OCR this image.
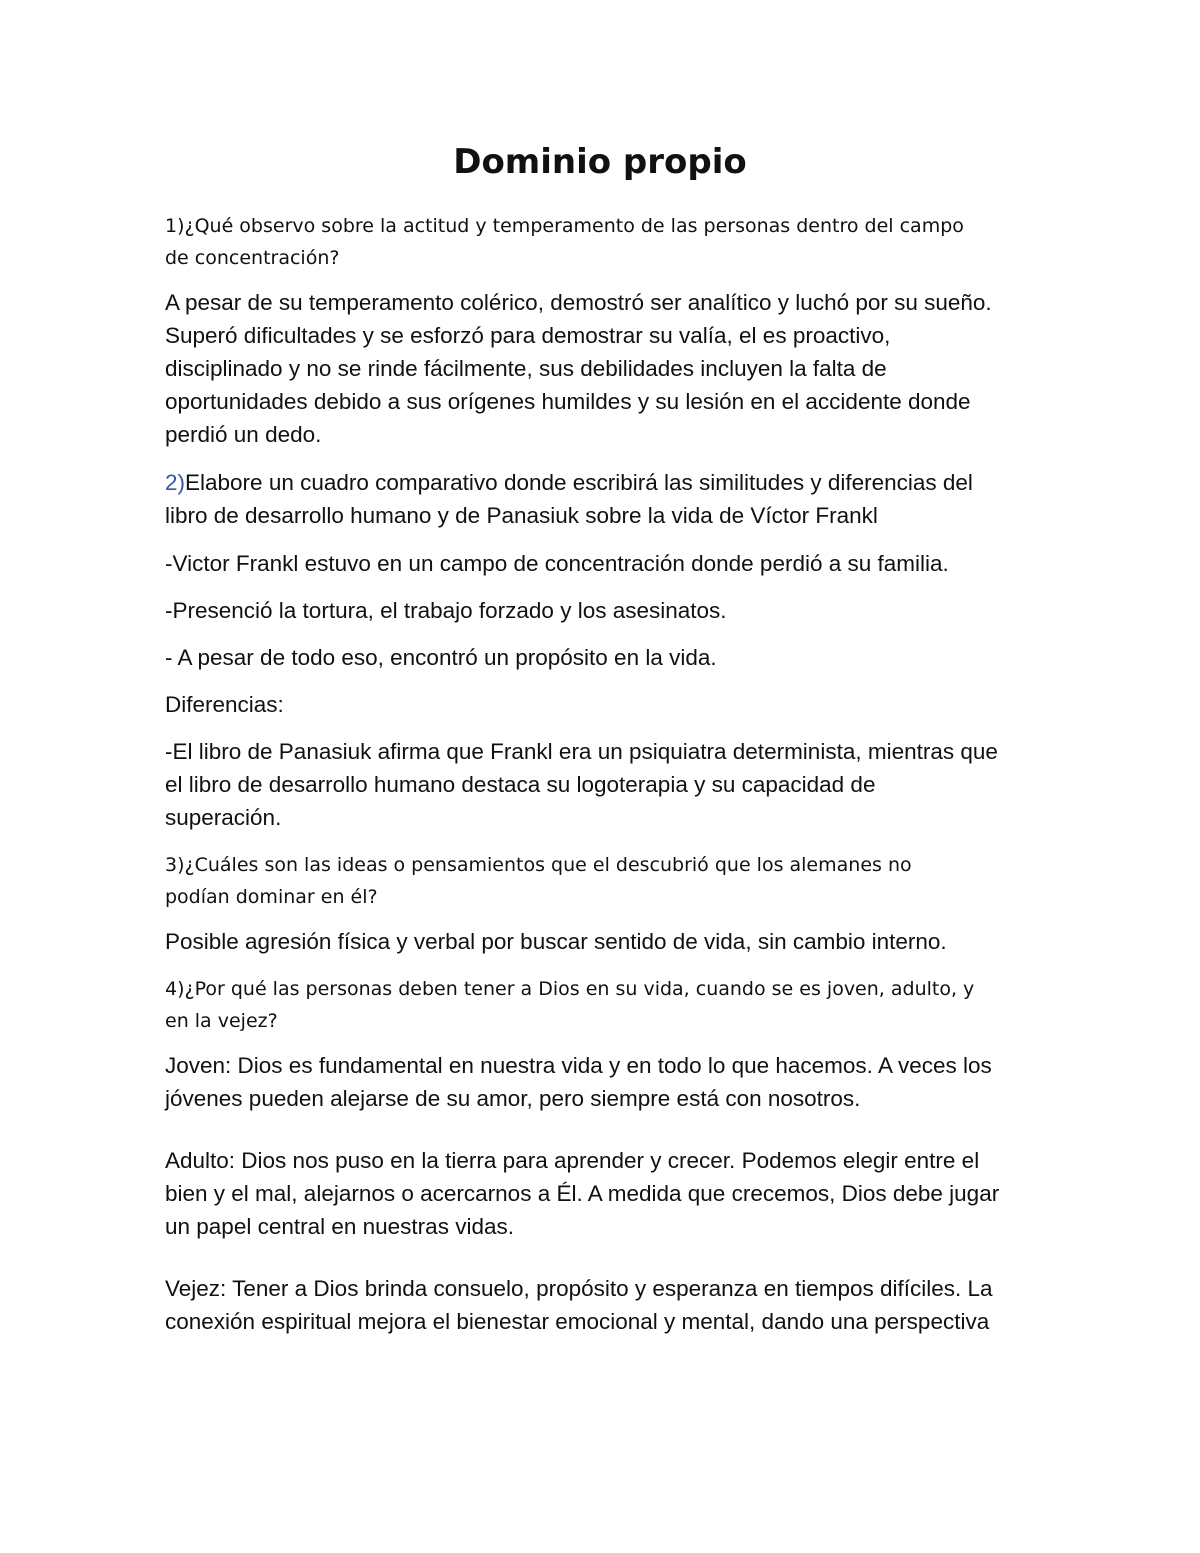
Dominio propio

1)¿Qué observo sobre la actitud y temperamento de las personas dentro del campo
de concentración?

A pesar de su temperamento colérico, demostró ser analítico y luchó por su sueño.
Superó dificultades y se esforzó para demostrar su valía, el es proactivo,
disciplinado y no se rinde fácilmente, sus debilidades incluyen la falta de
oportunidades debido a sus orígenes humildes y su lesión en el accidente donde
perdió un dedo.

2)Elabore un cuadro comparativo donde escribirá las similitudes y diferencias del
libro de desarrollo humano y de Panasiuk sobre la vida de Víctor Frankl

-Victor Frankl estuvo en un campo de concentración donde perdió a su familia.

-Presenció la tortura, el trabajo forzado y los asesinatos.

- A pesar de todo eso, encontró un propósito en la vida.

Diferencias:

-El libro de Panasiuk afirma que Frankl era un psiquiatra determinista, mientras que
el libro de desarrollo humano destaca su logoterapia y su capacidad de
superación.

3)¿Cuáles son las ideas o pensamientos que el descubrió que los alemanes no
podían dominar en él?

Posible agresión física y verbal por buscar sentido de vida, sin cambio interno.

4)¿Por qué las personas deben tener a Dios en su vida, cuando se es joven, adulto, y
en la vejez?

Joven: Dios es fundamental en nuestra vida y en todo lo que hacemos. A veces los
jóvenes pueden alejarse de su amor, pero siempre está con nosotros.

Adulto: Dios nos puso en la tierra para aprender y crecer. Podemos elegir entre el
bien y el mal, alejarnos o acercarnos a Él. A medida que crecemos, Dios debe jugar
un papel central en nuestras vidas.

Vejez: Tener a Dios brinda consuelo, propósito y esperanza en tiempos difíciles. La
conexión espiritual mejora el bienestar emocional y mental, dando una perspectiva
